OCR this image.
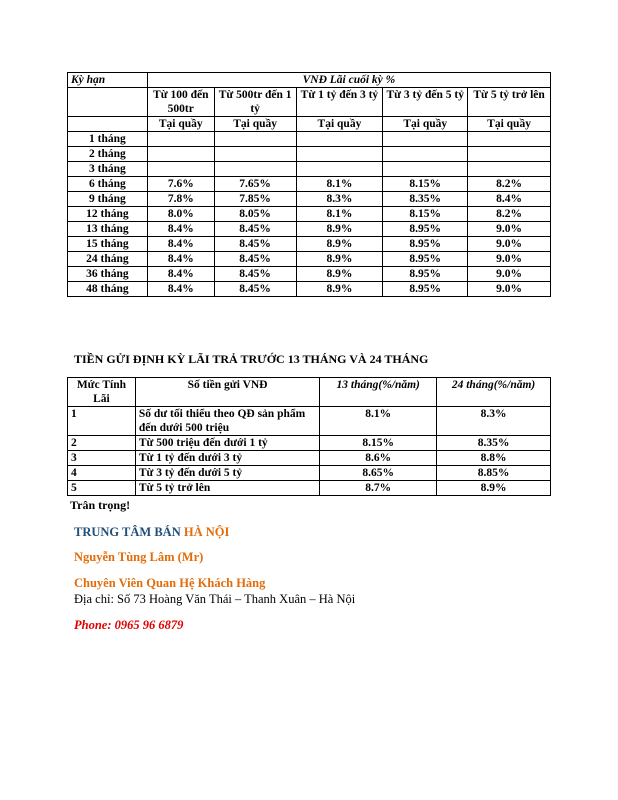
Kỳ hạn	VNĐ Lãi cuối kỳ %				
	Từ 100 đến 500tr	Từ 500tr đến 1 tỷ	Từ 1 tỷ đến 3 tỷ	Từ 3 tỷ đến 5 tỷ	Từ 5 tỷ trở lên
	Tại quầy	Tại quầy	Tại quầy	Tại quầy	Tại quầy
1 tháng					
2 tháng					
3 tháng					
6 tháng	7.6%	7.65%	8.1%	8.15%	8.2%
9 tháng	7.8%	7.85%	8.3%	8.35%	8.4%
12 tháng	8.0%	8.05%	8.1%	8.15%	8.2%
13 tháng	8.4%	8.45%	8.9%	8.95%	9.0%
15 tháng	8.4%	8.45%	8.9%	8.95%	9.0%
24 tháng	8.4%	8.45%	8.9%	8.95%	9.0%
36 tháng	8.4%	8.45%	8.9%	8.95%	9.0%
48 tháng	8.4%	8.45%	8.9%	8.95%	9.0%
TIỀN GỬI ĐỊNH KỲ LÃI TRẢ TRƯỚC 13 THÁNG VÀ 24 THÁNG
Mức Tính Lãi	Số tiền gửi VNĐ	13 tháng(%/năm)	24 tháng(%/năm)
1	Số dư tối thiểu theo QĐ sản phẩm đến dưới 500 triệu	8.1%	8.3%
2	Từ 500 triệu đến dưới 1 tỷ	8.15%	8.35%
3	Từ 1 tỷ đến dưới 3 tỷ	8.6%	8.8%
4	Từ 3 tỷ đến dưới 5 tỷ	8.65%	8.85%
5	Từ 5 tỷ trở lên	8.7%	8.9%
Trân trọng!
TRUNG TÂM BÁN HÀ NỘI
Nguyễn Tùng Lâm (Mr)
Chuyên Viên Quan Hệ Khách Hàng
Địa chỉ: Số 73 Hoàng Văn Thái – Thanh Xuân – Hà Nội
Phone: 0965 96 6879
